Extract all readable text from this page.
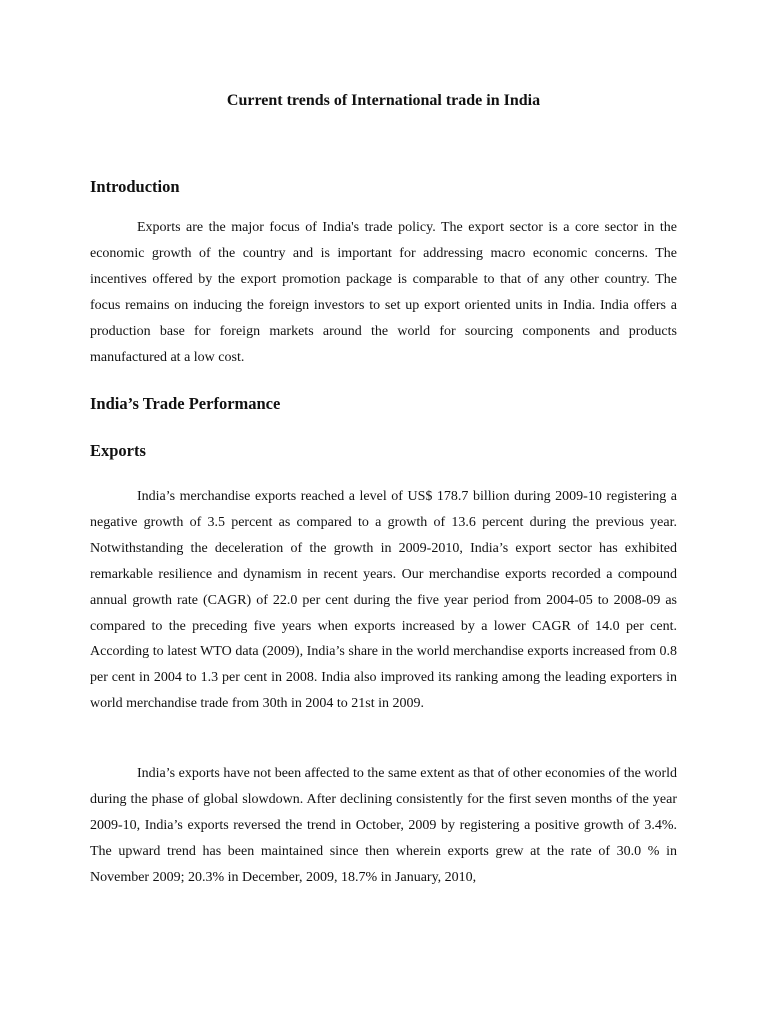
Current trends of International trade in India
Introduction

Exports are the major focus of India's trade policy. The export sector is a core sector in the economic growth of the country and is important for addressing macro economic concerns. The incentives offered by the export promotion package is comparable to that of any other country. The focus remains on inducing the foreign investors to set up export oriented units in India. India offers a production base for foreign markets around the world for sourcing components and products manufactured at a low cost.

India’s Trade Performance
Exports

India’s merchandise exports reached a level of US$ 178.7 billion during 2009-10 registering a negative growth of 3.5 percent as compared to a growth of 13.6 percent during the previous year. Notwithstanding the deceleration of the growth in 2009-2010, India’s export sector has exhibited remarkable resilience and dynamism in recent years. Our merchandise exports recorded a compound annual growth rate (CAGR) of 22.0 per cent during the five year period from 2004-05 to 2008-09 as compared to the preceding five years when exports increased by a lower CAGR of 14.0 per cent. According to latest WTO data (2009), India’s share in the world merchandise exports increased from 0.8 per cent in 2004 to 1.3 per cent in 2008. India also improved its ranking among the leading exporters in world merchandise trade from 30th in 2004 to 21st in 2009.

India’s exports have not been affected to the same extent as that of other economies of the world during the phase of global slowdown. After declining consistently for the first seven months of the year 2009-10, India’s exports reversed the trend in October, 2009 by registering a positive growth of 3.4%. The upward trend has been maintained since then wherein exports grew at the rate of 30.0 % in November 2009; 20.3% in December, 2009, 18.7% in January, 2010,
